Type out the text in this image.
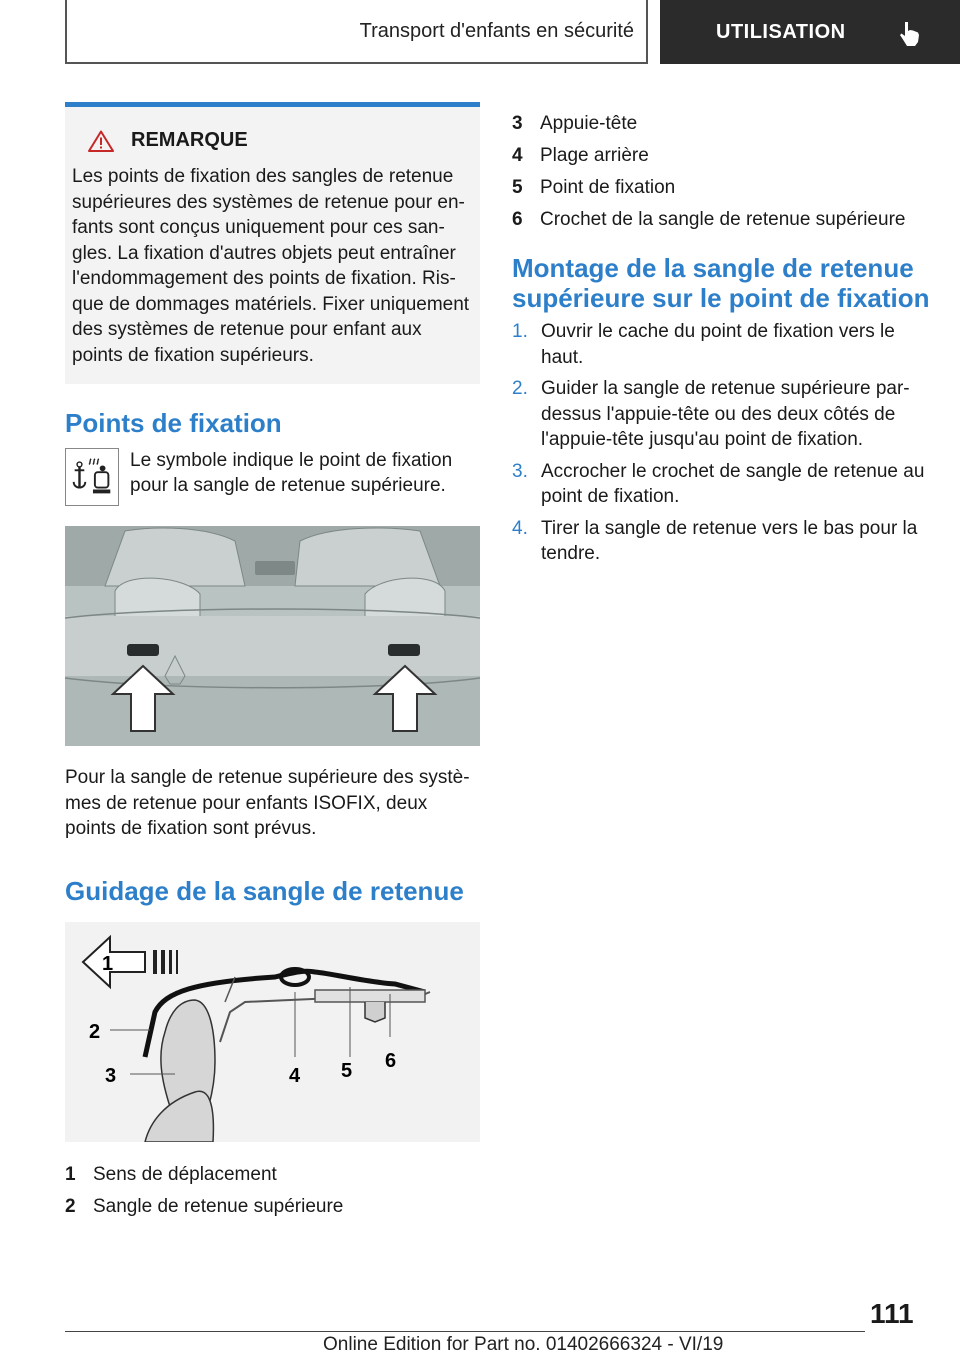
Transport d'enfants en sécurité	UTILISATION
REMARQUE
Les points de fixation des sangles de retenue supérieures des systèmes de retenue pour en‐fants sont conçus uniquement pour ces san‐gles. La fixation d'autres objets peut entraîner l'endommagement des points de fixation. Ris‐que de dommages matériels. Fixer uniquement des systèmes de retenue pour enfant aux points de fixation supérieurs.
Points de fixation
Le symbole indique le point de fixation pour la sangle de retenue supérieure.
Pour la sangle de retenue supérieure des systè‐mes de retenue pour enfants ISOFIX, deux points de fixation sont prévus.
Guidage de la sangle de retenue
1
2
3	4 5 6
1 Sens de déplacement
2 Sangle de retenue supérieure
3 Appuie-tête
4 Plage arrière
5 Point de fixation
6 Crochet de la sangle de retenue supérieure
Montage de la sangle de retenue supérieure sur le point de fixation
1. Ouvrir le cache du point de fixation vers le haut.
2. Guider la sangle de retenue supérieure par‐dessus l'appuie-tête ou des deux côtés de l'appuie-tête jusqu'au point de fixation.
3. Accrocher le crochet de sangle de retenue au point de fixation.
4. Tirer la sangle de retenue vers le bas pour la tendre.
111
Online Edition for Part no. 01402666324 - VI/19
